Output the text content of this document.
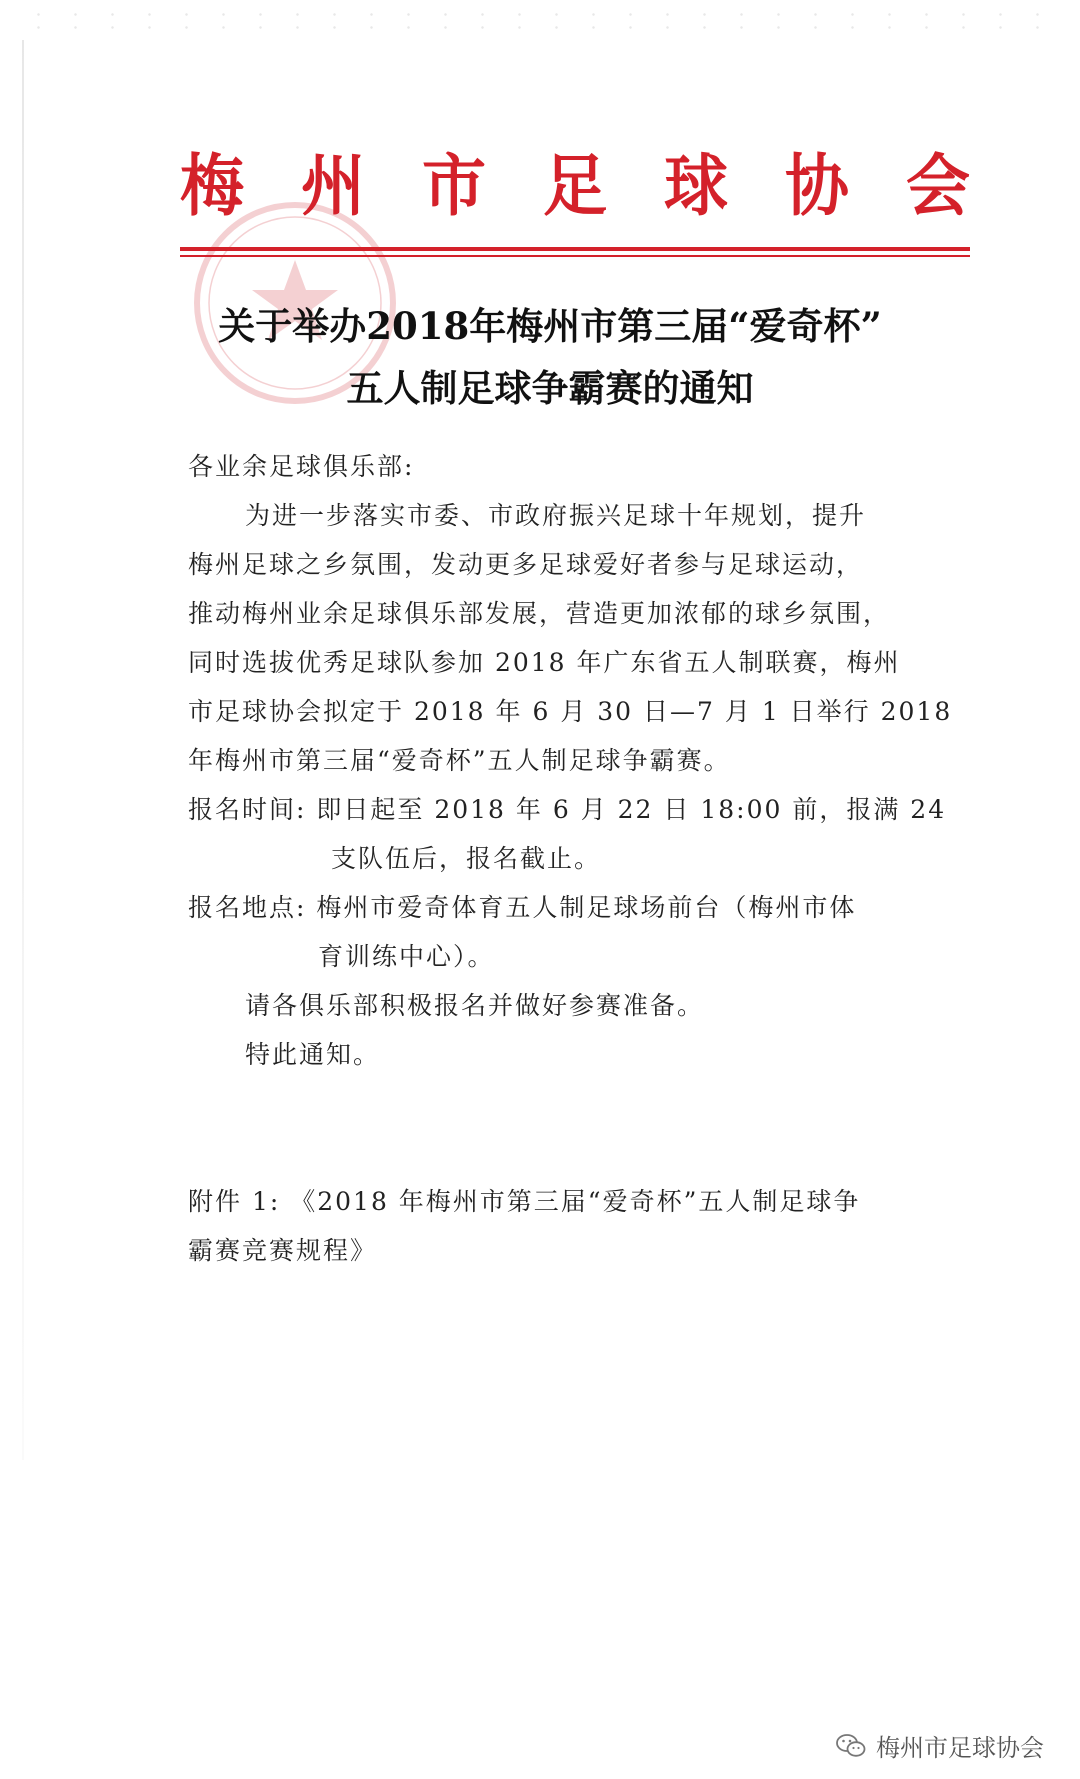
梅 州 市 足 球 协 会
关于举办2018年梅州市第三届“爱奇杯”
五人制足球争霸赛的通知
各业余足球俱乐部:
为进一步落实市委、市政府振兴足球十年规划，提升
梅州足球之乡氛围，发动更多足球爱好者参与足球运动，
推动梅州业余足球俱乐部发展，营造更加浓郁的球乡氛围，
同时选拔优秀足球队参加 2018 年广东省五人制联赛，梅州
市足球协会拟定于 2018 年 6 月 30 日—7 月 1 日举行 2018
年梅州市第三届“爱奇杯”五人制足球争霸赛。
报名时间: 即日起至 2018 年 6 月 22 日 18:00 前，报满 24
支队伍后，报名截止。
报名地点: 梅州市爱奇体育五人制足球场前台（梅州市体
育训练中心）。
请各俱乐部积极报名并做好参赛准备。
特此通知。
附件 1: 《2018 年梅州市第三届“爱奇杯”五人制足球争
霸赛竞赛规程》
梅州市足球协会
